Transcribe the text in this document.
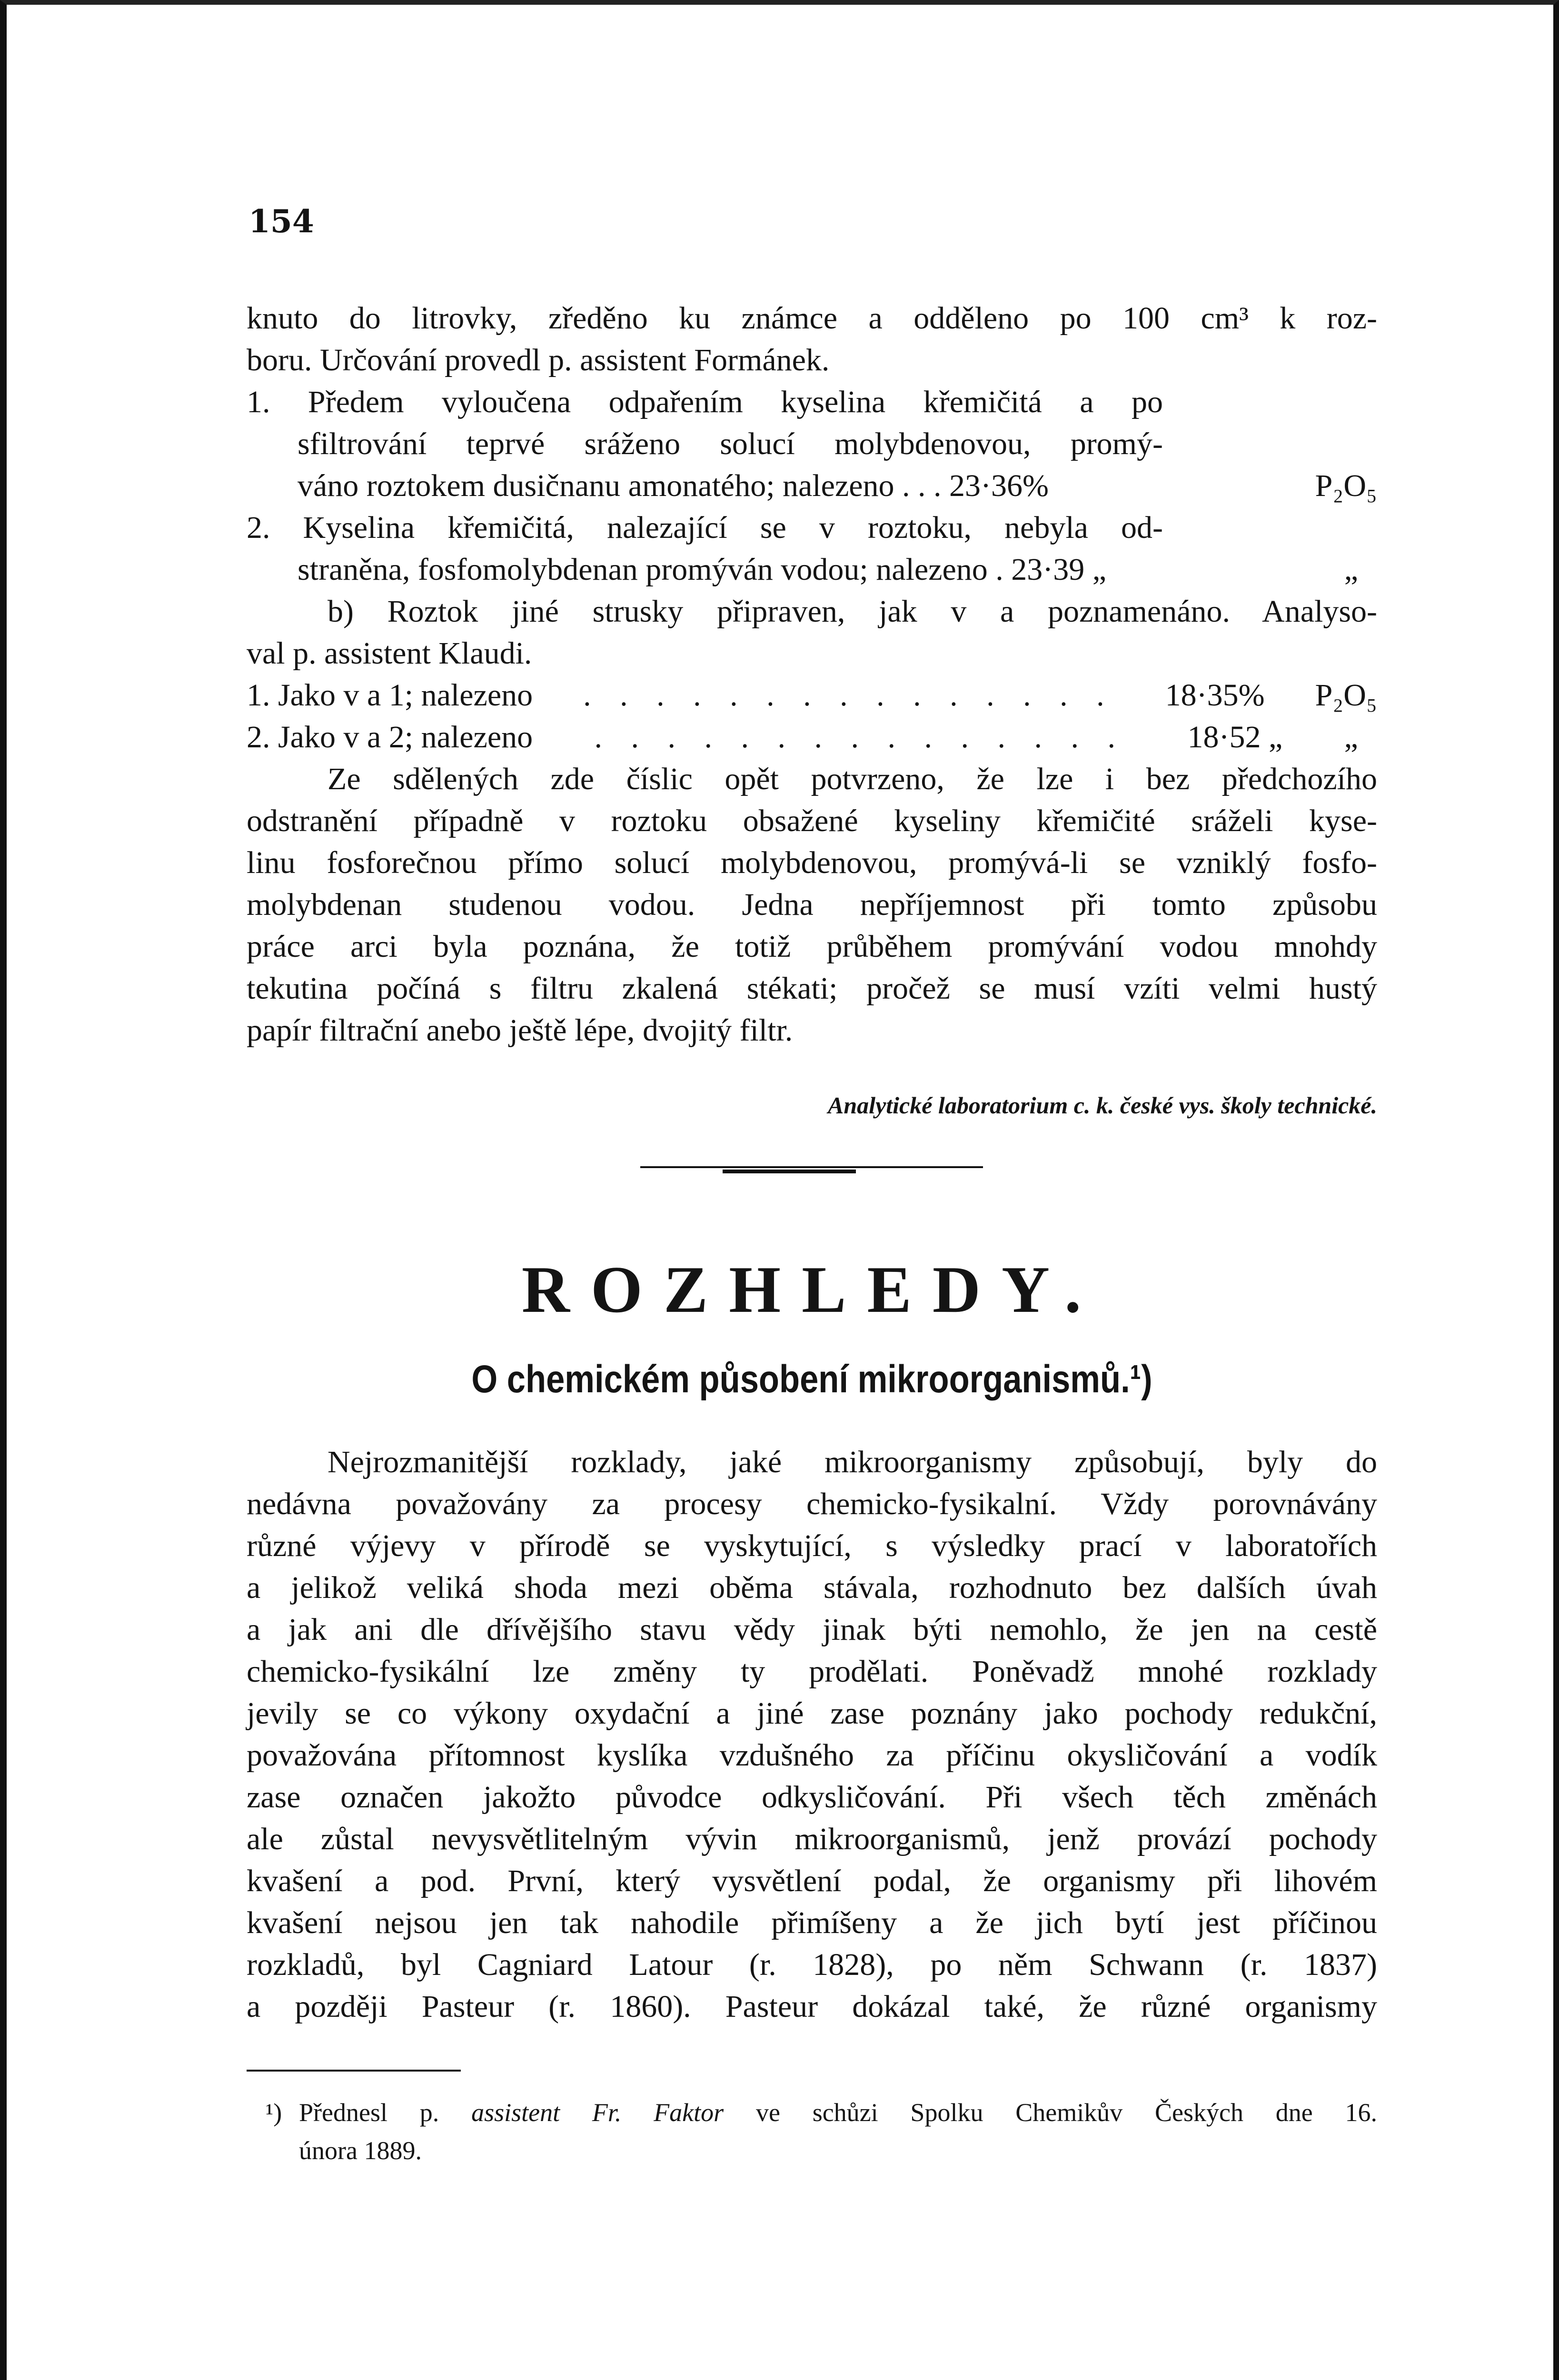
154
knuto do litrovky, zředěno ku známce a odděleno po 100 cm³ k roz-
boru. Určování provedl p. assistent Formánek.
1. Předem vyloučena odpařením kyselina křemičitá a po
sfiltrování teprvé sráženo solucí molybdenovou, promý-
váno roztokem dusičnanu amonatého; nalezeno . . . 23·36%	P₂O₅
2. Kyselina křemičitá, nalezající se v roztoku, nebyla od-
straněna, fosfomolybdenan promýván vodou; nalezeno . 23·39 „	„
b) Roztok jiné strusky připraven, jak v a poznamenáno. Analyso-
val p. assistent Klaudi.
1. Jako v a 1; nalezeno . . . . . . . . . . . . . . . 18·35% P₂O₅
2. Jako v a 2; nalezeno . . . . . . . . . . . . . . . 18·52 „ „
Ze sdělených zde číslic opět potvrzeno, že lze i bez předchozího
odstranění případně v roztoku obsažené kyseliny křemičité sráželi kyse-
linu fosforečnou přímo solucí molybdenovou, promývá-li se vzniklý fosfo-
molybdenan studenou vodou. Jedna nepříjemnost při tomto způsobu
práce arci byla poznána, že totiž průběhem promývání vodou mnohdy
tekutina počíná s filtru zkalená stékati; pročež se musí vzíti velmi hustý
papír filtrační anebo ještě lépe, dvojitý filtr.
Analytické laboratorium c. k. české vys. školy technické.
ROZHLEDY.
O chemickém působení mikroorganismů.¹)
Nejrozmanitější rozklady, jaké mikroorganismy způsobují, byly do
nedávna považovány za procesy chemicko-fysikalní. Vždy porovnávány
různé výjevy v přírodě se vyskytující, s výsledky prací v laboratořích
a jelikož veliká shoda mezi oběma stávala, rozhodnuto bez dalších úvah
a jak ani dle dřívějšího stavu vědy jinak býti nemohlo, že jen na cestě
chemicko-fysikální lze změny ty prodělati. Poněvadž mnohé rozklady
jevily se co výkony oxydační a jiné zase poznány jako pochody redukční,
považována přítomnost kyslíka vzdušného za příčinu okysličování a vodík
zase označen jakožto původce odkysličování. Při všech těch změnách
ale zůstal nevysvětlitelným vývin mikroorganismů, jenž provází pochody
kvašení a pod. První, který vysvětlení podal, že organismy při lihovém
kvašení nejsou jen tak nahodile přimíšeny a že jich bytí jest příčinou
rozkladů, byl Cagniard Latour (r. 1828), po něm Schwann (r. 1837)
a později Pasteur (r. 1860). Pasteur dokázal také, že různé organismy
¹) Přednesl p. assistent Fr. Faktor ve schůzi Spolku Chemikův Českých dne 16.
února 1889.
